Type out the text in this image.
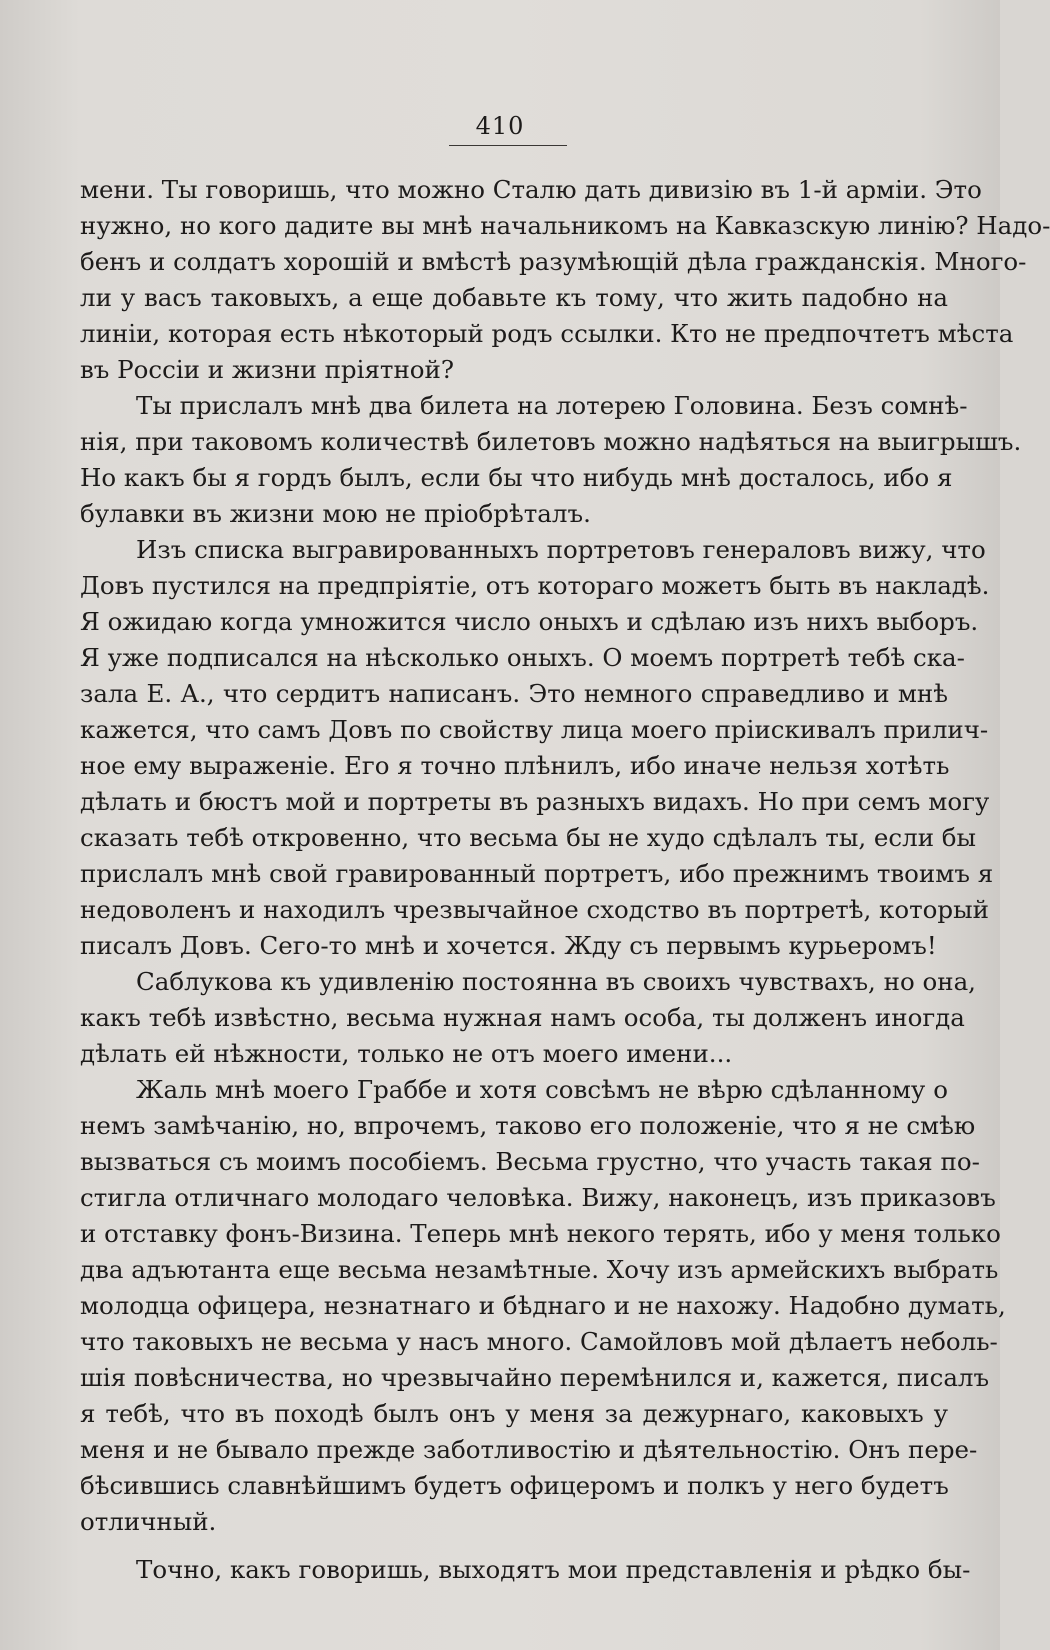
410
мени. Ты говоришь, что можно Сталю дать дивизію въ 1-й арміи. Это
нужно, но кого дадите вы мнѣ начальникомъ на Кавказскую линію? Надо-
бенъ и солдатъ хорошій и вмѣстѣ разумѣющій дѣла гражданскія. Много-
ли у васъ таковыхъ, а еще добавьте къ тому, что жить падобно на
линіи, которая есть нѣкоторый родъ ссылки. Кто не предпочтетъ мѣста
въ Россіи и жизни пріятной?
Ты прислалъ мнѣ два билета на лотерею Головина. Безъ сомнѣ-
нія, при таковомъ количествѣ билетовъ можно надѣяться на выигрышъ.
Но какъ бы я гордъ былъ, если бы что нибудь мнѣ досталось, ибо я
булавки въ жизни мою не пріобрѣталъ.
Изъ списка выгравированныхъ портретовъ генераловъ вижу, что
Довъ пустился на предпріятіе, отъ котораго можетъ быть въ накладѣ.
Я ожидаю когда умножится число оныхъ и сдѣлаю изъ нихъ выборъ.
Я уже подписался на нѣсколько оныхъ. О моемъ портретѣ тебѣ ска-
зала Е. А., что сердитъ написанъ. Это немного справедливо и мнѣ
кажется, что самъ Довъ по свойству лица моего пріискивалъ прилич-
ное ему выраженіе. Его я точно плѣнилъ, ибо иначе нельзя хотѣть
дѣлать и бюстъ мой и портреты въ разныхъ видахъ. Но при семъ могу
сказать тебѣ откровенно, что весьма бы не худо сдѣлалъ ты, если бы
прислалъ мнѣ свой гравированный портретъ, ибо прежнимъ твоимъ я
недоволенъ и находилъ чрезвычайное сходство въ портретѣ, который
писалъ Довъ. Сего-то мнѣ и хочется. Жду съ первымъ курьеромъ!
Саблукова къ удивленію постоянна въ своихъ чувствахъ, но она,
какъ тебѣ извѣстно, весьма нужная намъ особа, ты долженъ иногда
дѣлать ей нѣжности, только не отъ моего имени...
Жаль мнѣ моего Граббе и хотя совсѣмъ не вѣрю сдѣланному о
немъ замѣчанію, но, впрочемъ, таково его положеніе, что я не смѣю
вызваться съ моимъ пособіемъ. Весьма грустно, что участь такая по-
стигла отличнаго молодаго человѣка. Вижу, наконецъ, изъ приказовъ
и отставку фонъ-Визина. Теперь мнѣ некого терять, ибо у меня только
два адъютанта еще весьма незамѣтные. Хочу изъ армейскихъ выбрать
молодца офицера, незнатнаго и бѣднаго и не нахожу. Надобно думать,
что таковыхъ не весьма у насъ много. Самойловъ мой дѣлаетъ неболь-
шія повѣсничества, но чрезвычайно перемѣнился и, кажется, писалъ
я тебѣ, что въ походѣ былъ онъ у меня за дежурнаго, каковыхъ у
меня и не бывало прежде заботливостію и дѣятельностію. Онъ пере-
бѣсившись славнѣйшимъ будетъ офицеромъ и полкъ у него будетъ
отличный.
Точно, какъ говоришь, выходятъ мои представленія и рѣдко бы-
